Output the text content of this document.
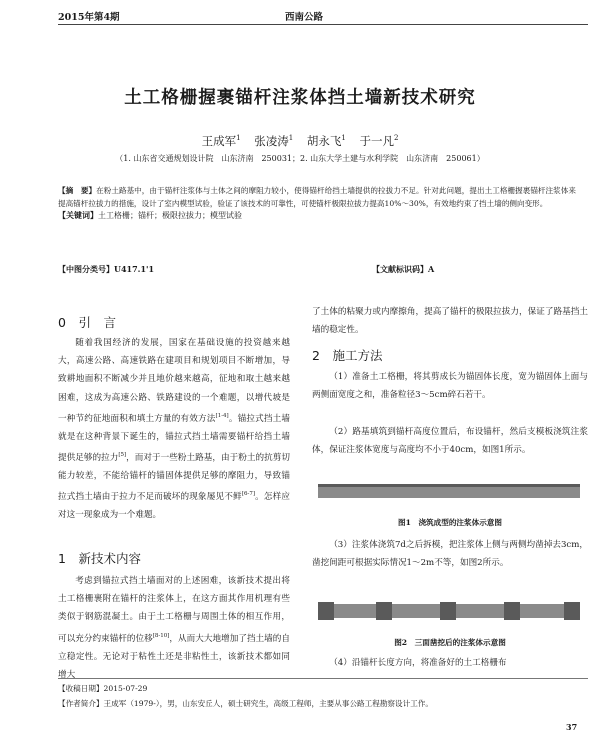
2015年第4期	西南公路
土工格栅握裹锚杆注浆体挡土墙新技术研究
王成军$^1$ 张凌涛$^1$ 胡永飞$^1$ 于一凡$^2$
（1. 山东省交通规划设计院　山东济南　250031；2. 山东大学土建与水利学院　山东济南　250061）
【摘　要】在粉土路基中，由于锚杆注浆体与土体之间的摩阻力较小，使得锚杆给挡土墙提供的拉拔力不足。针对此问题，提出土工格栅握裹锚杆注浆体来提高锚杆拉拔力的措施，设计了室内模型试验，验证了该技术的可靠性，可使锚杆极限拉拔力提高10%～30%，有效地约束了挡土墙的侧向变形。
【关键词】土工格栅；锚杆；极限拉拔力；模型试验
【中图分类号】U417.1'1	【文献标识码】A
0　引　言
随着我国经济的发展，国家在基础设施的投资越来越大，高速公路、高速铁路在建项目和规划项目不断增加，导致耕地面积不断减少并且地价越来越高，征地和取土越来越困难，这成为高速公路、铁路建设的一个难题，以增代坡是一种节约征地面积和填土方量的有效方法[1-4]。锚拉式挡土墙就是在这种背景下诞生的，锚拉式挡土墙需要锚杆给挡土墙提供足够的拉力[5]，而对于一些粉土路基，由于粉土的抗剪切能力较差，不能给锚杆的锚固体提供足够的摩阻力，导致锚拉式挡土墙由于拉力不足而破坏的现象屡见不鲜[6-7]。怎样应对这一现象成为一个难题。
1　新技术内容
考虑到锚拉式挡土墙面对的上述困难，该新技术提出将土工格栅裹附在锚杆的注浆体上，在这方面其作用机理有些类似于钢筋混凝土。由于土工格栅与周围土体的相互作用，可以充分约束锚杆的位移[8-10]，从而大大地增加了挡土墙的自立稳定性。无论对于粘性土还是非粘性土，该新技术都如同增大
了土体的粘聚力或内摩擦角，提高了锚杆的极限拉拔力，保证了路基挡土墙的稳定性。
2　施工方法
（1）准备土工格栅，将其剪成长为锚固体长度，宽为锚固体上面与两侧面宽度之和，准备粒径3～5cm碎石若干。
（2）路基填筑到锚杆高度位置后，布设锚杆，然后支模板浇筑注浆体，保证注浆体宽度与高度均不小于40cm，如图1所示。
图1　浇筑成型的注浆体示意图
（3）注浆体浇筑7d之后拆模，把注浆体上侧与两侧均凿掉去3cm，凿挖间距可根据实际情况1～2m不等，如图2所示。
图2　三面凿挖后的注浆体示意图
（4）沿锚杆长度方向，将准备好的土工格栅布
【收稿日期】2015-07-29
【作者简介】王成军（1979-），男，山东安丘人，硕士研究生，高级工程师，主要从事公路工程勘察设计工作。
37
